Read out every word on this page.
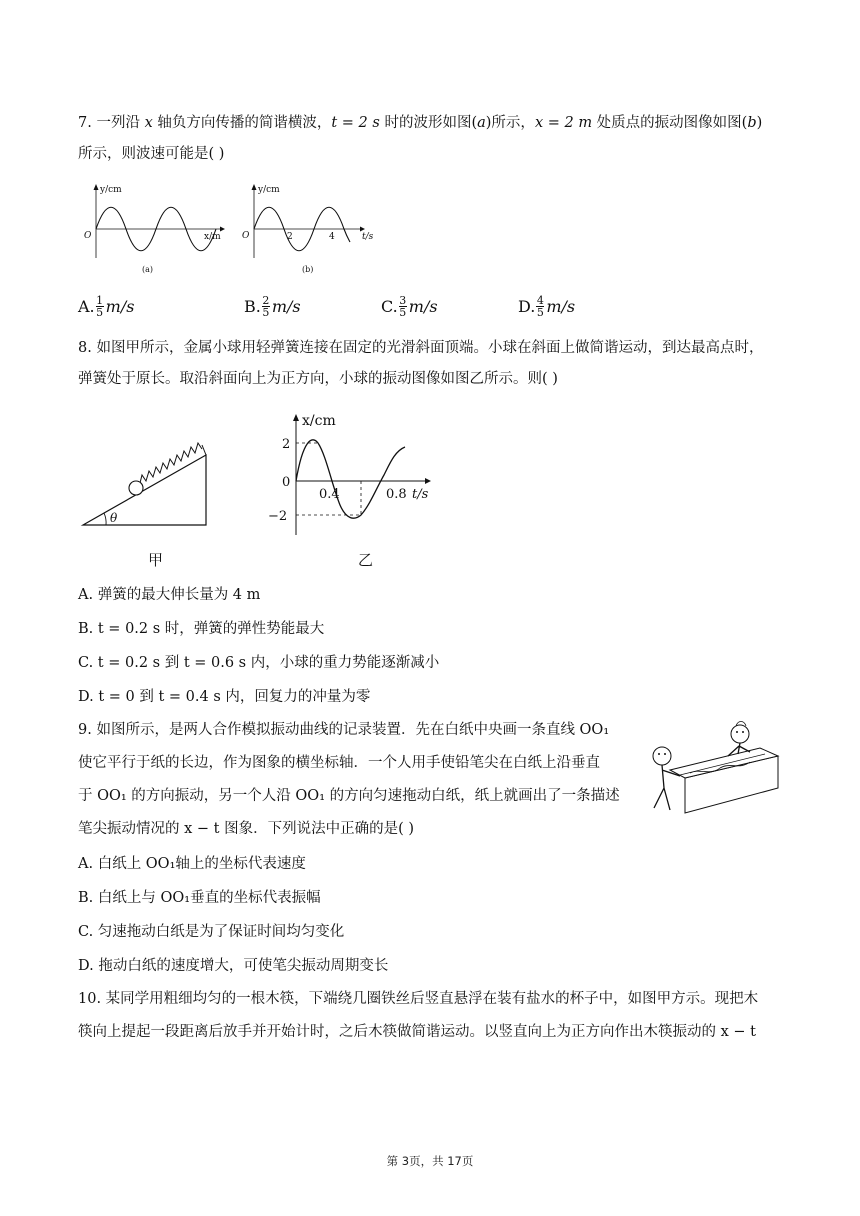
7. 一列沿 x 轴负方向传播的简谐横波，t = 2 s 时的波形如图(a)所示，x = 2 m 处质点的振动图像如图(b)

所示，则波速可能是( )

y/cm
O	x/m
(a)
y/cm
O	2	4	t/s
(b)
A. $\frac{1}{5} m/s$	B. $\frac{2}{5} m/s$	C. $\frac{3}{5} m/s$	D. $\frac{4}{5} m/s$

8. 如图甲所示，金属小球用轻弹簧连接在固定的光滑斜面顶端。小球在斜面上做简谐运动，到达最高点时，

弹簧处于原长。取沿斜面向上为正方向，小球的振动图像如图乙所示。则( )

θ
甲
x/cm
2
0
−2
0.4	0.8 t/s
乙

A. 弹簧的最大伸长量为 4 m

B. t = 0.2 s 时，弹簧的弹性势能最大

C. t = 0.2 s 到 t = 0.6 s 内，小球的重力势能逐渐减小

D. t = 0 到 t = 0.4 s 内，回复力的冲量为零

9. 如图所示，是两人合作模拟振动曲线的记录装置．先在白纸中央画一条直线 OO₁

使它平行于纸的长边，作为图象的横坐标轴．一个人用手使铅笔尖在白纸上沿垂直

于 OO₁ 的方向振动，另一个人沿 OO₁ 的方向匀速拖动白纸，纸上就画出了一条描述

笔尖振动情况的 x − t 图象．下列说法中正确的是( )

A. 白纸上 OO₁轴上的坐标代表速度

B. 白纸上与 OO₁垂直的坐标代表振幅

C. 匀速拖动白纸是为了保证时间均匀变化

D. 拖动白纸的速度增大，可使笔尖振动周期变长

10. 某同学用粗细均匀的一根木筷，下端绕几圈铁丝后竖直悬浮在装有盐水的杯子中，如图甲方示。现把木

筷向上提起一段距离后放手并开始计时，之后木筷做简谐运动。以竖直向上为正方向作出木筷振动的 x − t

第 3页，共 17页
